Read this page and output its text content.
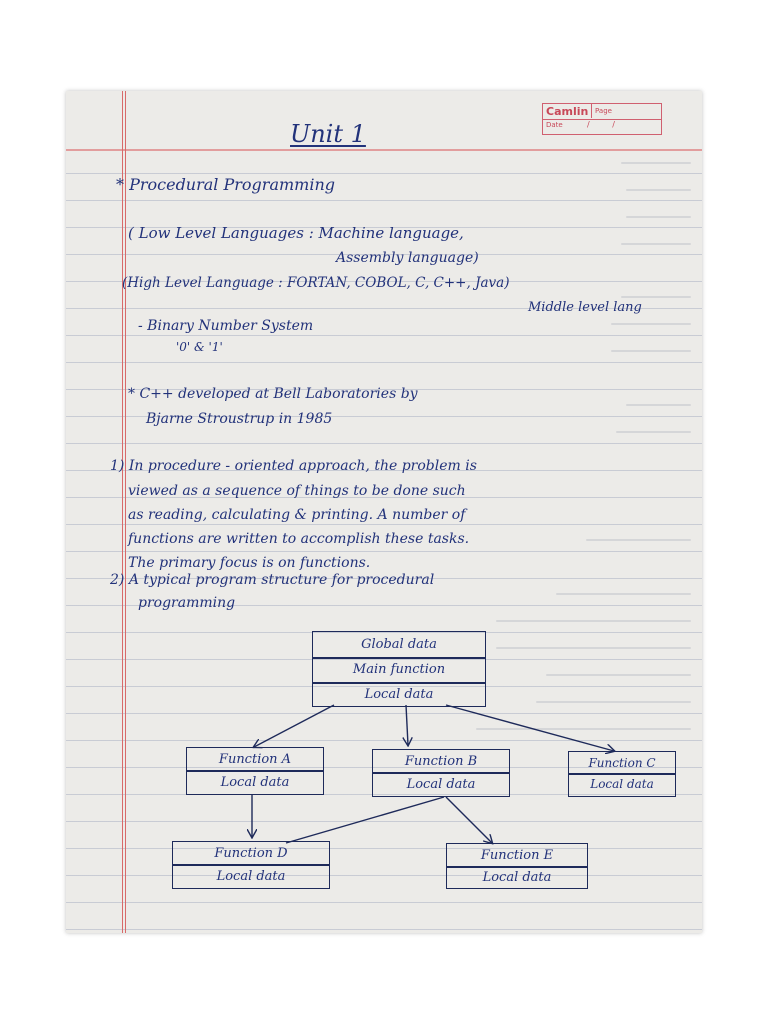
Camlin Page
Date	/ /
Unit 1
* Procedural Programming
( Low Level Languages : Machine language,
Assembly language)
(High Level Language : FORTAN, COBOL, C, C++, Java)
Middle level lang
- Binary Number System
'0' & '1'
* C++ developed at Bell Laboratories by
Bjarne Stroustrup in 1985
1) In procedure - oriented approach, the problem is
viewed as a sequence of things to be done such
as reading, calculating & printing. A number of
functions are written to accomplish these tasks.
The primary focus is on functions.
2) A typical program structure for procedural
programming
Global data
Main function
Local data
Function A
Local data
Function B
Local data
Function C
Local data
Function D
Local data
Function E
Local data
